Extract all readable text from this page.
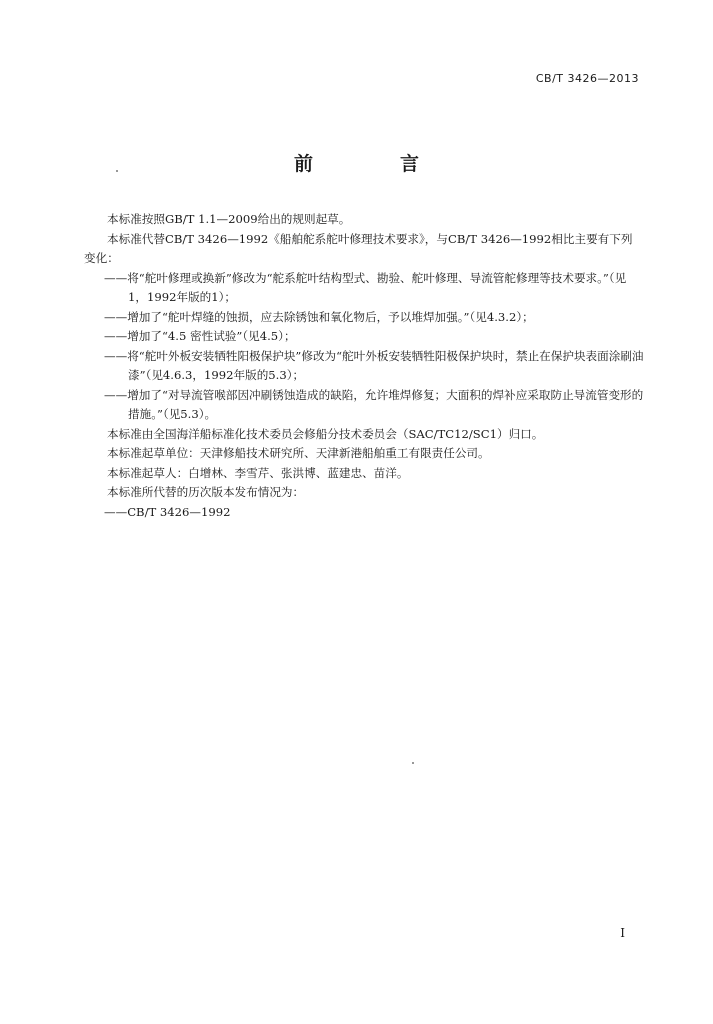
CB/T 3426—2013
前　言

本标准按照GB/T 1.1—2009给出的规则起草。

本标准代替CB/T 3426—1992《船舶舵系舵叶修理技术要求》，与CB/T 3426—1992相比主要有下列变化：

——将“舵叶修理或换新”修改为“舵系舵叶结构型式、勘验、舵叶修理、导流管舵修理等技术要求。”（见1，1992年版的1）；

——增加了“舵叶焊缝的蚀损，应去除锈蚀和氧化物后，予以堆焊加强。”（见4.3.2）；

——增加了“4.5 密性试验”（见4.5）；

——将“舵叶外板安装牺牲阳极保护块”修改为“舵叶外板安装牺牲阳极保护块时，禁止在保护块表面涂刷油漆”（见4.6.3，1992年版的5.3）；

——增加了“对导流管喉部因冲刷锈蚀造成的缺陷，允许堆焊修复；大面积的焊补应采取防止导流管变形的措施。”（见5.3）。

本标准由全国海洋船标准化技术委员会修船分技术委员会（SAC/TC12/SC1）归口。

本标准起草单位：天津修船技术研究所、天津新港船舶重工有限责任公司。

本标准起草人：白增林、李雪芹、张洪博、蓝建忠、苗洋。

本标准所代替的历次版本发布情况为：

——CB/T 3426—1992

I
